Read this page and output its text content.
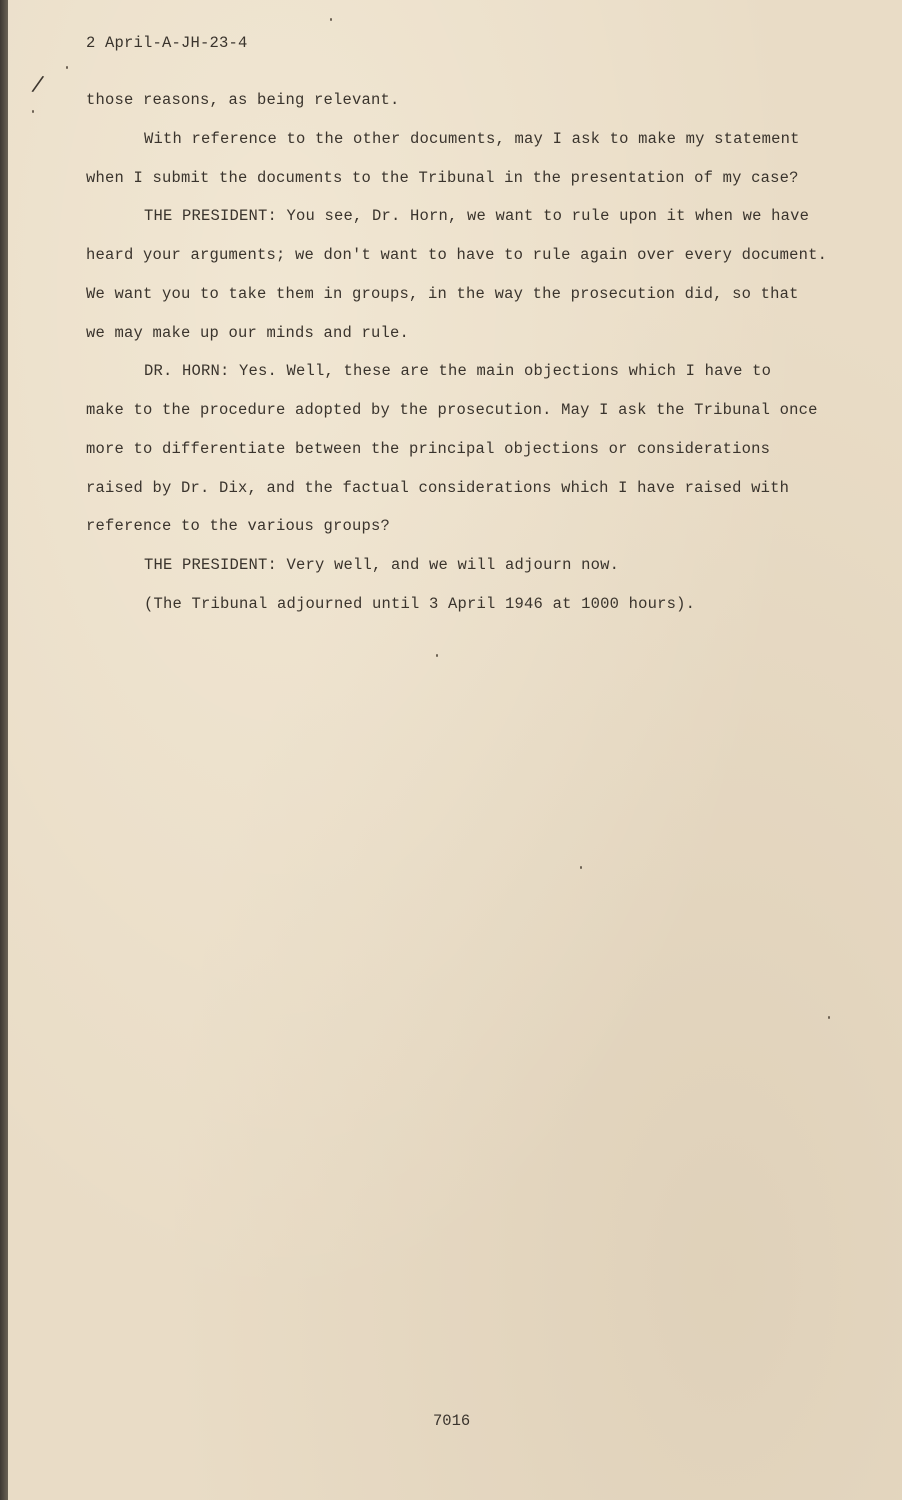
2 April-A-JH-23-4
/
those reasons, as being relevant.
With reference to the other documents, may I ask to make my statement
when I submit the documents to the Tribunal in the presentation of my case?
THE PRESIDENT: You see, Dr. Horn, we want to rule upon it when we have
heard your arguments; we don't want to have to rule again over every document.
We want you to take them in groups, in the way the prosecution did, so that
we may make up our minds and rule.
DR. HORN: Yes. Well, these are the main objections which I have to
make to the procedure adopted by the prosecution. May I ask the Tribunal once
more to differentiate between the principal objections or considerations
raised by Dr. Dix, and the factual considerations which I have raised with
reference to the various groups?
THE PRESIDENT: Very well, and we will adjourn now.
(The Tribunal adjourned until 3 April 1946 at 1000 hours).
7016
